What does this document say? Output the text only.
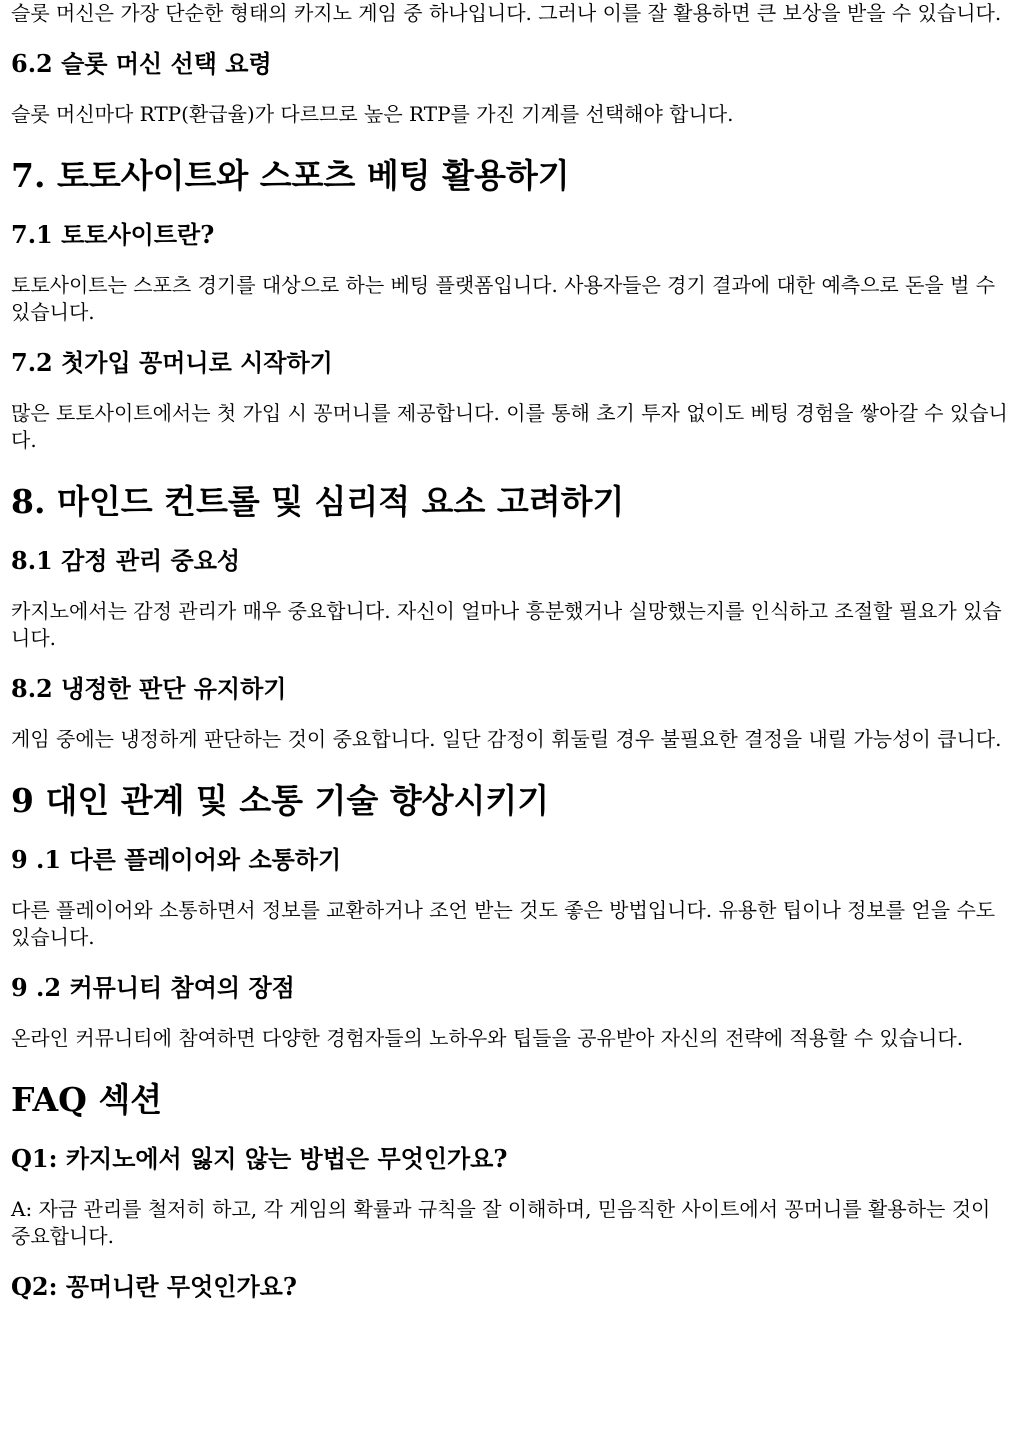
슬롯 머신은 가장 단순한 형태의 카지노 게임 중 하나입니다. 그러나 이를 잘 활용하면 큰 보상을 받을 수 있습니다.

6.2 슬롯 머신 선택 요령

슬롯 머신마다 RTP(환급율)가 다르므로 높은 RTP를 가진 기계를 선택해야 합니다.

7. 토토사이트와 스포츠 베팅 활용하기
7.1 토토사이트란?

토토사이트는 스포츠 경기를 대상으로 하는 베팅 플랫폼입니다. 사용자들은 경기 결과에 대한 예측으로 돈을 벌 수 있습니다.

7.2 첫가입 꽁머니로 시작하기

많은 토토사이트에서는 첫 가입 시 꽁머니를 제공합니다. 이를 통해 초기 투자 없이도 베팅 경험을 쌓아갈 수 있습니다.

8. 마인드 컨트롤 및 심리적 요소 고려하기
8.1 감정 관리 중요성

카지노에서는 감정 관리가 매우 중요합니다. 자신이 얼마나 흥분했거나 실망했는지를 인식하고 조절할 필요가 있습니다.

8.2 냉정한 판단 유지하기

게임 중에는 냉정하게 판단하는 것이 중요합니다. 일단 감정이 휘둘릴 경우 불필요한 결정을 내릴 가능성이 큽니다.

9 대인 관계 및 소통 기술 향상시키기
9 .1 다른 플레이어와 소통하기

다른 플레이어와 소통하면서 정보를 교환하거나 조언 받는 것도 좋은 방법입니다. 유용한 팁이나 정보를 얻을 수도 있습니다.

9 .2 커뮤니티 참여의 장점

온라인 커뮤니티에 참여하면 다양한 경험자들의 노하우와 팁들을 공유받아 자신의 전략에 적용할 수 있습니다.

FAQ 섹션
Q1: 카지노에서 잃지 않는 방법은 무엇인가요?

A: 자금 관리를 철저히 하고, 각 게임의 확률과 규칙을 잘 이해하며, 믿음직한 사이트에서 꽁머니를 활용하는 것이 중요합니다.

Q2: 꽁머니란 무엇인가요?
